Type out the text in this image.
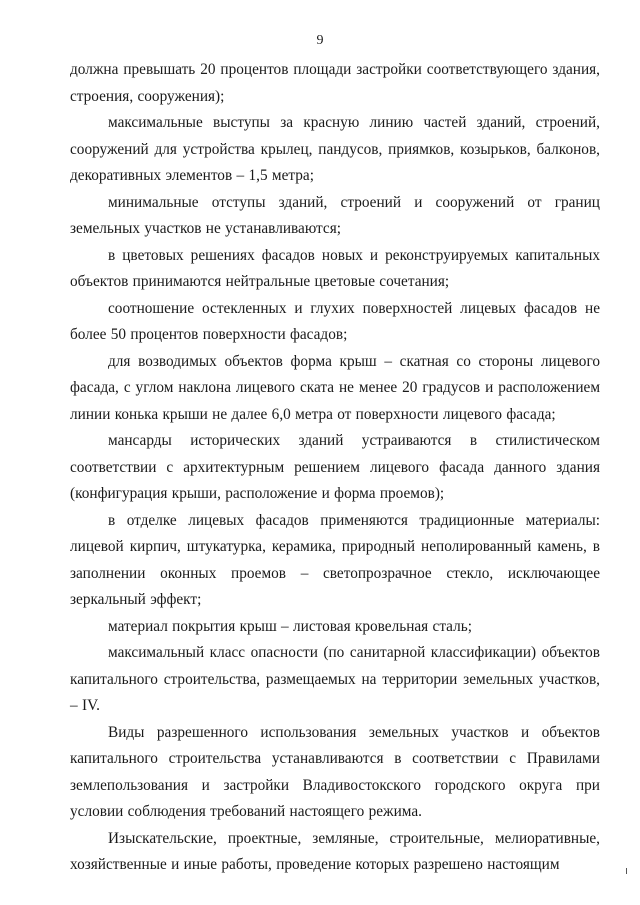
9

должна превышать 20 процентов площади застройки соответствующего здания, строения, сооружения);

максимальные выступы за красную линию частей зданий, строений, сооружений для устройства крылец, пандусов, приямков, козырьков, балконов, декоративных элементов – 1,5 метра;

минимальные отступы зданий, строений и сооружений от границ земельных участков не устанавливаются;

в цветовых решениях фасадов новых и реконструируемых капитальных объектов принимаются нейтральные цветовые сочетания;

соотношение остекленных и глухих поверхностей лицевых фасадов не более 50 процентов поверхности фасадов;

для возводимых объектов форма крыш – скатная со стороны лицевого фасада, с углом наклона лицевого ската не менее 20 градусов и расположением линии конька крыши не далее 6,0 метра от поверхности лицевого фасада;

мансарды исторических зданий устраиваются в стилистическом соответствии с архитектурным решением лицевого фасада данного здания (конфигурация крыши, расположение и форма проемов);

в отделке лицевых фасадов применяются традиционные материалы: лицевой кирпич, штукатурка, керамика, природный неполированный камень, в заполнении оконных проемов – светопрозрачное стекло, исключающее зеркальный эффект;

материал покрытия крыш – листовая кровельная сталь;

максимальный класс опасности (по санитарной классификации) объектов капитального строительства, размещаемых на территории земельных участков, – IV.

Виды разрешенного использования земельных участков и объектов капитального строительства устанавливаются в соответствии с Правилами землепользования и застройки Владивостокского городского округа при условии соблюдения требований настоящего режима.

Изыскательские, проектные, земляные, строительные, мелиоративные, хозяйственные и иные работы, проведение которых разрешено настоящим
